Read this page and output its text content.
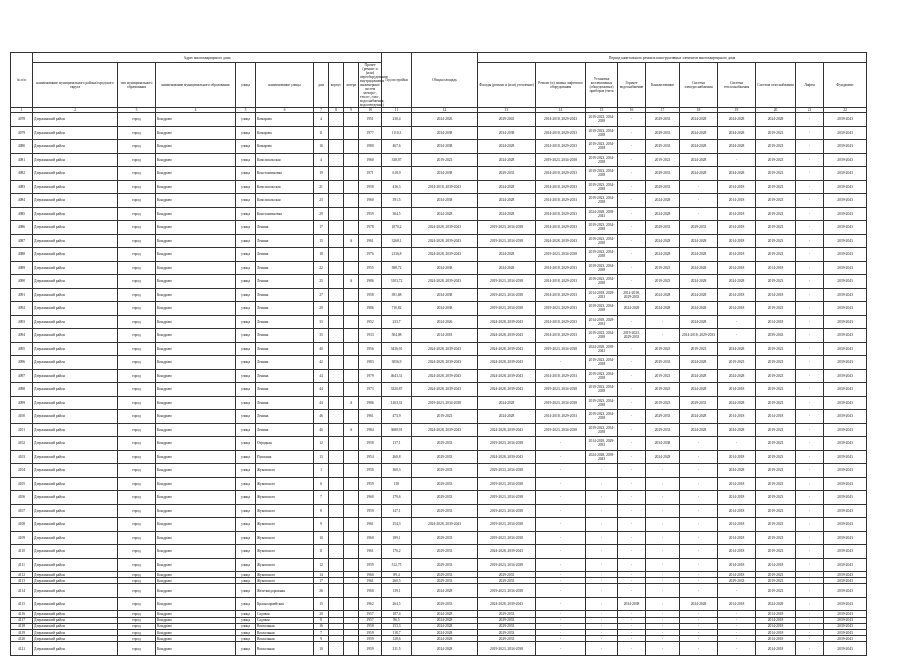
№ п/п	Адрес многоквартирного дома									Год постройки	Общая площадь	Период капитального ремонта конструктивных элементов многоквартирного дома									
	наименование муниципального района/городского округа	тип муниципального образования	наименование муниципального образования	улица	наименование улицы	дом	корпус	литера	Прочее (ремонт и (или) переоборудование внутридомовых инженерных систем электро-, тепло-, газо-, водоснабжения, водоотведения)			Фасады (ремонт и (или) утепление)	Ремонт (и) замена лифтового оборудования	Установка коллективных (общедомовых) приборов учета	Горячее водоснабжение	Канализование	Система электроснабжения	Система теплоснабжения	Система газоснабжения	Лифты	Фундамент
1	2	3	4	5	6	7	8	9	10	11	12	13	14	15	16	17	18	19	20	21	22
4078	Дзержинский район	город	Кондрово	улица	Комарова	4			1951	230,4	2024-2026	2029-2043	2014-2018, 2029-2043	2019-2023, 2034-2038	-	2029-2033	2024-2028	2024-2028	2024-2028	-	2039-2043
4079	Дзержинский район	город	Кондрово	улица	Комарова	11			1977	1110,3	2034-2038	2034-2038	2014-2018, 2029-2033	2019-2023, 2034-2038	-	2029-2033	2024-2028	2024-2028	2019-2023	-	2039-2043
4080	Дзержинский район	город	Кондрово	улица	Комарова	16			1980	467,6	2034-2038	2024-2028	2014-2018, 2029-2033	2019-2023, 2034-2038	-	2029-2033	2024-2028	2024-2028	2019-2023	-	2039-2043
4081	Дзержинский район	город	Кондрово	улица	Комсомольская	4			1960	338,07	2019-2023	2024-2028	2019-2023, 2034-2038	2019-2023, 2034-2038	-	2019-2023	2024-2028	-	2019-2023	-	2039-2043
4082	Дзержинский район	город	Кондрово	улица	Константиновка	19			1971	618,9	2034-2038	2029-2033	2014-2018, 2029-2033	2019-2023, 2034-2038	-	2029-2033	2024-2028	2024-2028	2019-2023	-	2039-2043
4083	Дзержинский район	город	Кондрово	улица	Комсомольская	21			1958	416,3	2014-2018, 2039-2043	2024-2028	2014-2018, 2029-2033	2019-2023, 2034-2038	-	2029-2033	-	2014-2018	2019-2023	-	2039-2043
4084	Дзержинский район	город	Кондрово	улица	Комсомольская	23			1960	391,5	2034-2038	2024-2028	2014-2018, 2029-2033	2019-2023, 2034-2038	-	2024-2028	-	2014-2018	2019-2023	-	2039-2043
4085	Дзержинский район	город	Кондрово	улица	Константиновка	29			1959	364,5	2024-2028	2024-2028	2014-2018, 2029-2033	2024-2028, 2039-2043	-	2024-2028	-	2014-2018	2019-2023	-	2039-2043
4086	Дзержинский район	город	Кондрово	улица	Ленина	17			1978	1070,2	2024-2028, 2039-2043	2019-2023, 2034-2038	2014-2018, 2029-2033	2019-2023, 2034-2038	-	2029-2033	2029-2033	2014-2018	2019-2023	-	2039-2043
4087	Дзержинский район	город	Кондрово	улица	Ленина	15		А	1961	3268,1	2024-2028, 2039-2043	2019-2023, 2034-2038	2024-2028, 2039-2043	2019-2023, 2034-2038	-	2024-2028	2024-2028	2014-2018	2019-2023	-	2039-2043
4088	Дзержинский район	город	Кондрово	улица	Ленина	18			1976	2136,8	2024-2028, 2039-2043	2024-2028	2019-2023, 2034-2038	2019-2023, 2034-2038	-	2024-2028	2024-2028	2014-2018	2019-2023	-	2039-2043
4089	Дзержинский район	город	Кондрово	улица	Ленина	22			1955	588,72	2034-2038	2024-2028	2014-2018, 2029-2033	2019-2023, 2034-2038	-	2019-2023	2024-2028	2014-2018	2014-2018	-	2039-2043
4090	Дзержинский район	город	Кондрово	улица	Ленина	25		А	1986	3103,72	2024-2028, 2039-2043	2019-2023, 2034-2038	2014-2018, 2029-2033	2019-2023, 2034-2038	-	2019-2023	2024-2028	2024-2028	2019-2023	-	2039-2043
4091	Дзержинский район	город	Кондрово	улица	Ленина	27			1958	391,68	2034-2038	2019-2023, 2034-2038	2014-2018, 2029-2033	2014-2018, 2029-2033	2014-2018, 2029-2033	2024-2028	2024-2028	2014-2018	2014-2018	-	2039-2043
4092	Дзержинский район	город	Кондрово	улица	Ленина	29			1986	710,82	2034-2038	2019-2023, 2034-2038	2019-2023, 2029-2033	2019-2023, 2034-2038	2024-2028	2024-2028	2024-2028	2014-2018	2019-2023	-	2039-2043
4093	Дзержинский район	город	Кондрово	улица	Ленина	33			1952	233,7	2024-2026	2024-2028, 2039-2043	2014-2018, 2029-2033	2014-2018, 2029-2033	-	-	2024-2028	-	2014-2018	-	2039-2043
4094	Дзержинский район	город	Кондрово	улица	Ленина	35			1933	504,08	2014-2018	2024-2028, 2039-2043	2014-2018, 2029-2033	2019-2023, 2034-2038	2019-2023, 2029-2033	-	2014-2018, 2029-2033	-	2039-2043	-	2039-2043
4095	Дзержинский район	город	Кондрово	улица	Ленина	40			1956	3436,01	2024-2028, 2039-2043	2024-2028, 2039-2043	2019-2023, 2034-2038	2024-2028, 2039-2043	-	2019-2023	2019-2023	2024-2028	2019-2023	-	2039-2043
4096	Дзержинский район	город	Кондрово	улица	Ленина	42			1983	3056,9	2024-2028, 2039-2043	2024-2028, 2039-2043	-	2019-2023, 2034-2038	-	2029-2033	2024-2028	2019-2023	2019-2023	-	2039-2043
4097	Дзержинский район	город	Кондрово	улица	Ленина	44			1979	4643,31	2024-2028, 2039-2043	2024-2028, 2039-2043	2014-2018, 2029-2033	2019-2023, 2034-2038	-	2019-2023	2024-2028	2024-2028	2019-2023	-	2039-2043
4098	Дзержинский район	город	Кондрово	улица	Ленина	44			1973	3320,87	2024-2028, 2039-2043	2024-2028, 2039-2043	2019-2023, 2034-2038	2019-2023, 2034-2038	-	2019-2023	2024-2028	2014-2018	2019-2023	-	2039-2043
4099	Дзержинский район	город	Кондрово	улица	Ленина	44		А	1986	1263,31	2019-2023, 2034-2038	2024-2028	2019-2023, 2034-2038	2019-2023, 2034-2038	-	2019-2023	2029-2033	2024-2028	2019-2023	-	2039-2043
4100	Дзержинский район	город	Кондрово	улица	Ленина	46			1961	473,9	2019-2023	2024-2028	2014-2018, 2029-2033	2019-2023, 2034-2038	-	2029-2033	2024-2028	2014-2018	2014-2018	-	2039-2043
4101	Дзержинский район	город	Кондрово	улица	Ленина	46		А	1984	3680,91	2024-2028, 2039-2043	2024-2028, 2039-2043	2019-2023, 2034-2038	2019-2023, 2034-2038	-	2029-2033	2024-2028	2024-2028	2019-2023	-	2039-2043
4102	Дзержинский район	город	Кондрово	улица	Отрадная	12			1958	137,1	2029-2033	2019-2023, 2034-2038	-	2014-2018, 2029-2033	-	2034-2038	-	-	2019-2023	-	2039-2043
4103	Дзержинский район	город	Кондрово	улица	Пушкина	13			1954	260,8	2029-2033	2024-2028, 2039-2043	-	2024-2028, 2039-2043	-	2024-2028	-	2014-2018	2019-2023	-	2039-2043
4104	Дзержинский район	город	Кондрово	улица	Жуковского	1			1950	360,3	2029-2033	2029-2033, 2034-2038	-	-	-	-	-	2024-2028	2019-2023	-	2039-2043
4105	Дзержинский район	город	Кондрово	улица	Жуковского	6			1959	195	2029-2033	2019-2023, 2034-2038	-	-	-	-	-	2014-2018	2019-2023	-	2039-2043
4106	Дзержинский район	город	Кондрово	улица	Жуковского	7			1960	179,6	2029-2033	2019-2023, 2034-2038	-	-	-	-	-	2014-2018	2019-2023	-	2039-2043
4107	Дзержинский район	город	Кондрово	улица	Жуковского	8			1959	147,1	2029-2033	2019-2023, 2034-2038	-	-	-	-	-	2014-2018	2019-2023	-	2039-2043
4108	Дзержинский район	город	Кондрово	улица	Жуковского	9			1961	254,3	2024-2028, 2039-2043	2019-2023, 2034-2038	-	-	-	-	-	2014-2018	2019-2023	-	2039-2043
4109	Дзержинский район	город	Кондрово	улица	Жуковского	10			1960	189,1	2029-2033	2019-2023, 2034-2038	-	-	-	-	-	2014-2018	2019-2023	-	2039-2043
4110	Дзержинский район	город	Кондрово	улица	Жуковского	11			1961	176,2	2029-2033	2024-2028, 2039-2043	-	-	-	-	-	2014-2018	2019-2023	-	2039-2043
4111	Дзержинский район	город	Кондрово	улица	Жуковского	12			1959	512,75	2029-2033	2019-2023, 2034-2038	-	-	-	-	-	2014-2018	2014-2018	-	2039-2043
4112	Дзержинский район	город	Кондрово	улица	Жуковского	14			1960	89,4	2029-2033	2029-2033	-	-	-	-	-	2014-2018	2019-2023	-	2039-2043
4113	Дзержинский район	город	Кондрово	улица	Жуковского	17			1961	260,5	2029-2033	2029-2033	-	-	-	-	-	2029-2033	2019-2023	-	2039-2043
4114	Дзержинский район	город	Кондрово	улица	Железнодорожная	26			1960	139,1	2024-2028	2019-2023, 2034-2038	-	-	-	-	-	-	2019-2023	-	2039-2043
4115	Дзержинский район	город	Кондрово	улица	Красноармейская	15			1962	264,5	2029-2033	2024-2028, 2039-2043	-	-	2034-2038	-	2024-2028	2014-2018	2024-2028	-	2039-2043
4116	Дзержинский район	город	Кондрово	улица	Садовая	20			1957	187,4	2024-2028	2029-2033	-	-	-	-	-	-	2014-2018	-	2039-2043
4117	Дзержинский район	город	Кондрово	улица	Садовая	8			1957	86,5	2024-2028	2029-2033	-	-	-	-	-	-	2014-2018	-	2039-2043
4118	Дзержинский район	город	Кондрово	улица	Вокзальная	16			1958	153,3	2024-2028	2029-2033	-	-	-	-	-	-	2014-2018	-	2039-2043
4119	Дзержинский район	город	Кондрово	улица	Вокзальная	7			1959	118,7	2024-2028	2029-2033	-	-	-	-	-	-	2014-2018	-	2039-2043
4120	Дзержинский район	город	Кондрово	улица	Вокзальная	9			1959	128,6	2024-2028	2029-2033	-	-	-	-	-	-	2014-2018	-	2039-2043
4121	Дзержинский район	город	Кондрово	улица	Вокзальная	10			1959	211,5	2024-2028	2019-2023, 2034-2038	-	-	-	-	-	-	2014-2018	-	2039-2043
